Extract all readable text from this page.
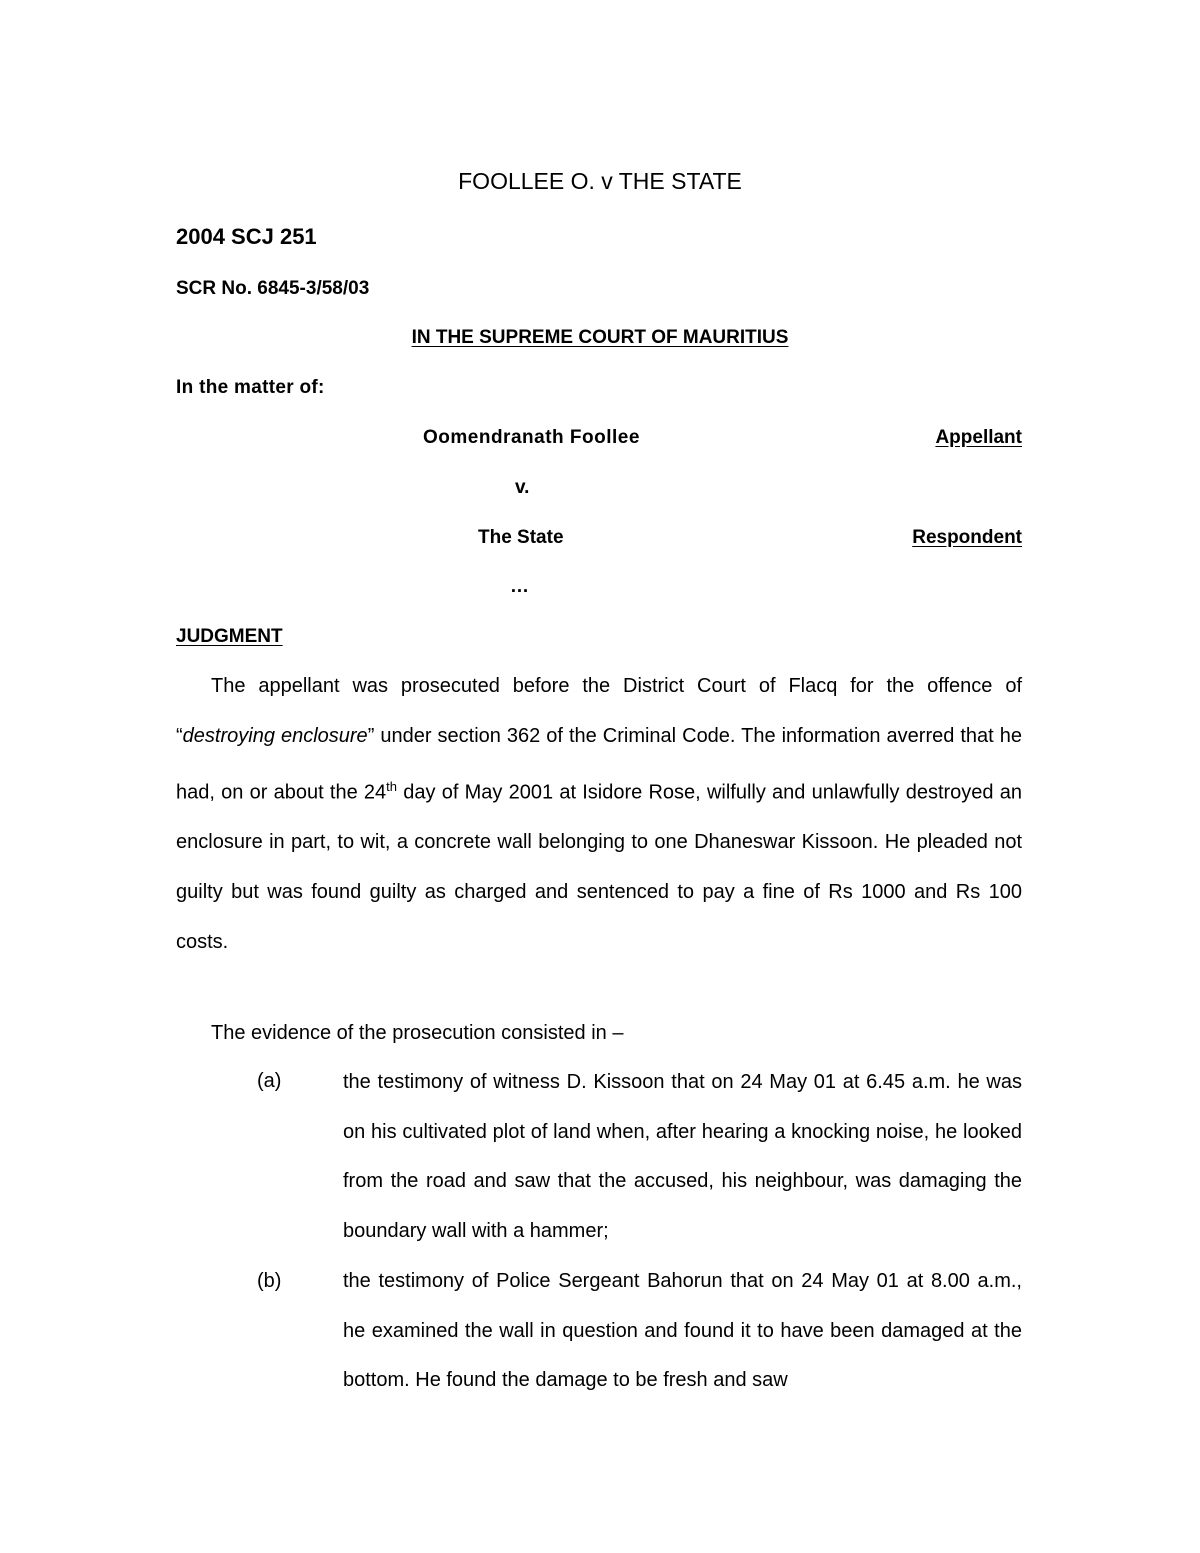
FOOLLEE O. v THE STATE
2004 SCJ 251
SCR No. 6845-3/58/03
IN THE SUPREME COURT OF MAURITIUS
In the matter of:
Oomendranath Foollee	Appellant
v.
The State	Respondent
…
JUDGMENT

The appellant was prosecuted before the District Court of Flacq for the offence of “destroying enclosure” under section 362 of the Criminal Code. The information averred that he had, on or about the 24th day of May 2001 at Isidore Rose, wilfully and unlawfully destroyed an enclosure in part, to wit, a concrete wall belonging to one Dhaneswar Kissoon. He pleaded not guilty but was found guilty as charged and sentenced to pay a fine of Rs 1000 and Rs 100 costs.

The evidence of the prosecution consisted in –

(a)	the testimony of witness D. Kissoon that on 24 May 01 at 6.45 a.m. he was on his cultivated plot of land when, after hearing a knocking noise, he looked from the road and saw that the accused, his neighbour, was damaging the boundary wall with a hammer;
(b)	the testimony of Police Sergeant Bahorun that on 24 May 01 at 8.00 a.m., he examined the wall in question and found it to have been damaged at the bottom. He found the damage to be fresh and saw
